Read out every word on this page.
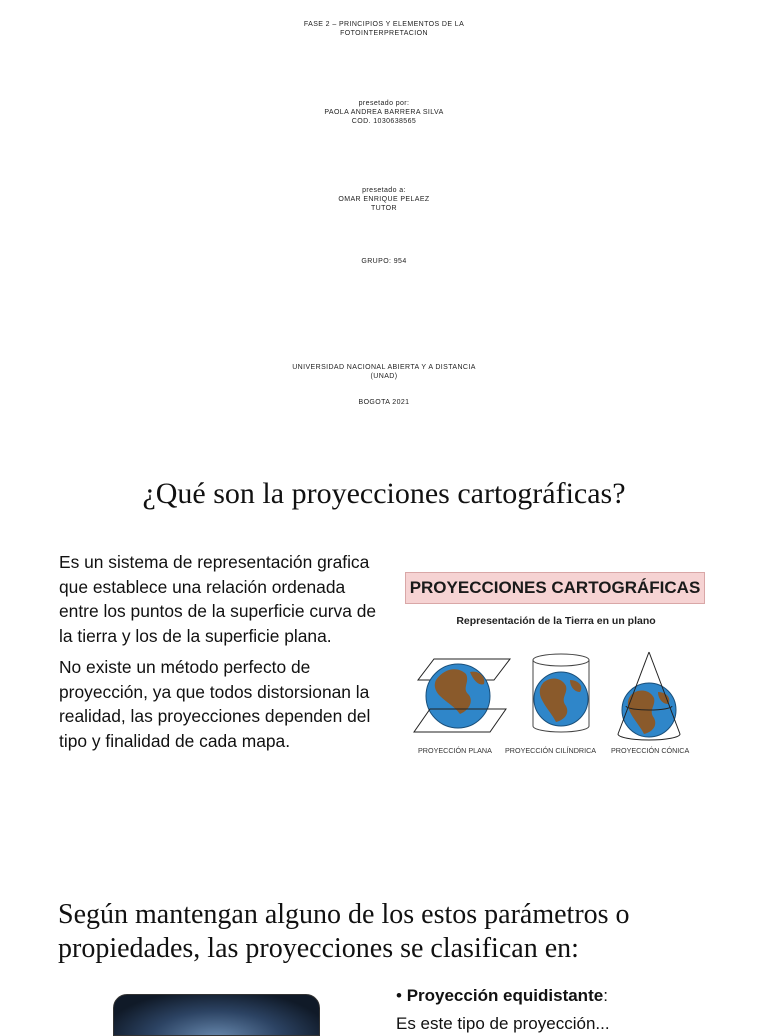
FASE 2 – PRINCIPIOS Y ELEMENTOS DE LA
FOTOINTERPRETACION
presetado por:
PAOLA ANDREA BARRERA SILVA
COD. 1030638565
presetado a:
OMAR ENRIQUE PELAEZ
TUTOR
GRUPO: 954
UNIVERSIDAD NACIONAL ABIERTA Y A DISTANCIA
(UNAD)
BOGOTA 2021
¿Qué son la proyecciones cartográficas?

Es un sistema de representación grafica que establece una relación ordenada entre los puntos de la superficie curva de la tierra y los de la superficie plana.

No existe un método perfecto de proyección, ya que todos distorsionan la realidad, las proyecciones dependen del tipo y finalidad de cada mapa.

PROYECCIONES CARTOGRÁFICAS
Representación de la Tierra en un plano
PROYECCIÓN PLANA PROYECCIÓN CILÍNDRICA PROYECCIÓN CÓNICA
Según mantengan alguno de los estos parámetros o propiedades, las proyecciones se clasifican en:
• Proyección equidistante:
Es este tipo de proyección...
